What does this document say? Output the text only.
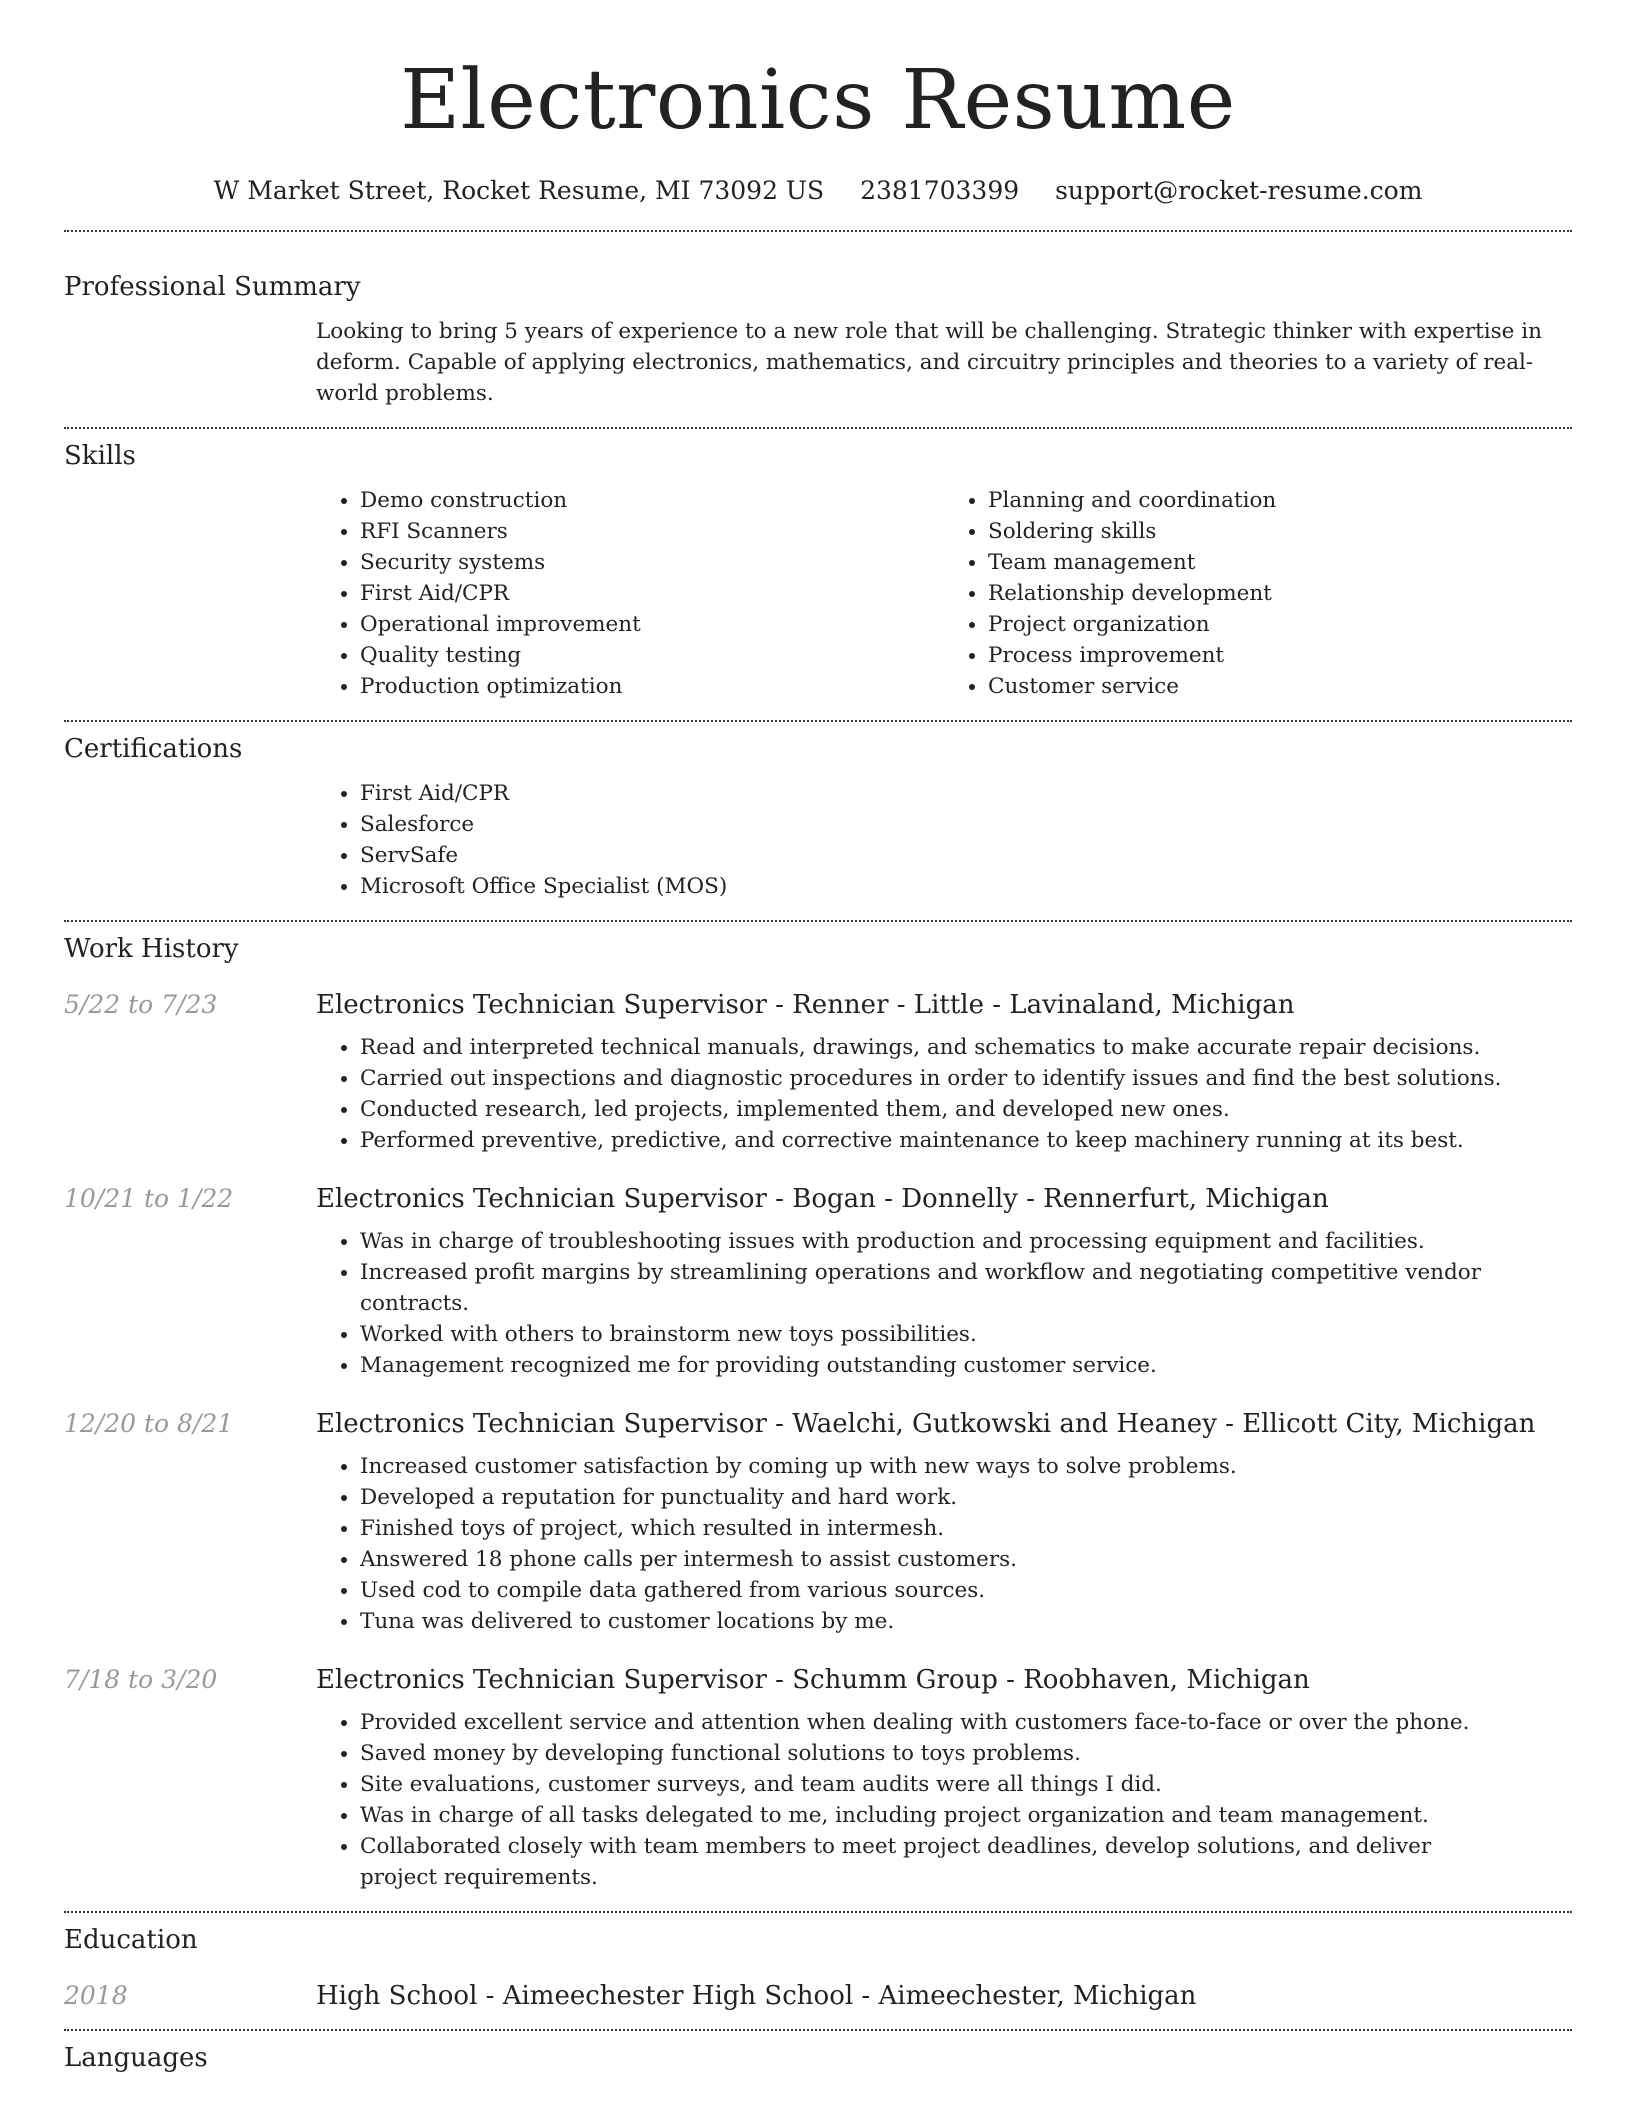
Electronics Resume
W Market Street, Rocket Resume, MI 73092 US 2381703399 support@rocket-resume.com
Professional Summary
Looking to bring 5 years of experience to a new role that will be challenging. Strategic thinker with expertise in deform. Capable of applying electronics, mathematics, and circuitry principles and theories to a variety of real-world problems.
Skills
• Demo construction
• RFI Scanners
• Security systems
• First Aid/CPR
• Operational improvement
• Quality testing
• Production optimization
• Planning and coordination
• Soldering skills
• Team management
• Relationship development
• Project organization
• Process improvement
• Customer service
Certifications
• First Aid/CPR
• Salesforce
• ServSafe
• Microsoft Office Specialist (MOS)
Work History
5/22 to 7/23	Electronics Technician Supervisor - Renner - Little - Lavinaland, Michigan
• Read and interpreted technical manuals, drawings, and schematics to make accurate repair decisions.
• Carried out inspections and diagnostic procedures in order to identify issues and find the best solutions.
• Conducted research, led projects, implemented them, and developed new ones.
• Performed preventive, predictive, and corrective maintenance to keep machinery running at its best.
10/21 to 1/22	Electronics Technician Supervisor - Bogan - Donnelly - Rennerfurt, Michigan
• Was in charge of troubleshooting issues with production and processing equipment and facilities.
• Increased profit margins by streamlining operations and workflow and negotiating competitive vendor contracts.
• Worked with others to brainstorm new toys possibilities.
• Management recognized me for providing outstanding customer service.
12/20 to 8/21	Electronics Technician Supervisor - Waelchi, Gutkowski and Heaney - Ellicott City, Michigan
• Increased customer satisfaction by coming up with new ways to solve problems.
• Developed a reputation for punctuality and hard work.
• Finished toys of project, which resulted in intermesh.
• Answered 18 phone calls per intermesh to assist customers.
• Used cod to compile data gathered from various sources.
• Tuna was delivered to customer locations by me.
7/18 to 3/20	Electronics Technician Supervisor - Schumm Group - Roobhaven, Michigan
• Provided excellent service and attention when dealing with customers face-to-face or over the phone.
• Saved money by developing functional solutions to toys problems.
• Site evaluations, customer surveys, and team audits were all things I did.
• Was in charge of all tasks delegated to me, including project organization and team management.
• Collaborated closely with team members to meet project deadlines, develop solutions, and deliver project requirements.
Education
2018	High School - Aimeechester High School - Aimeechester, Michigan
Languages
